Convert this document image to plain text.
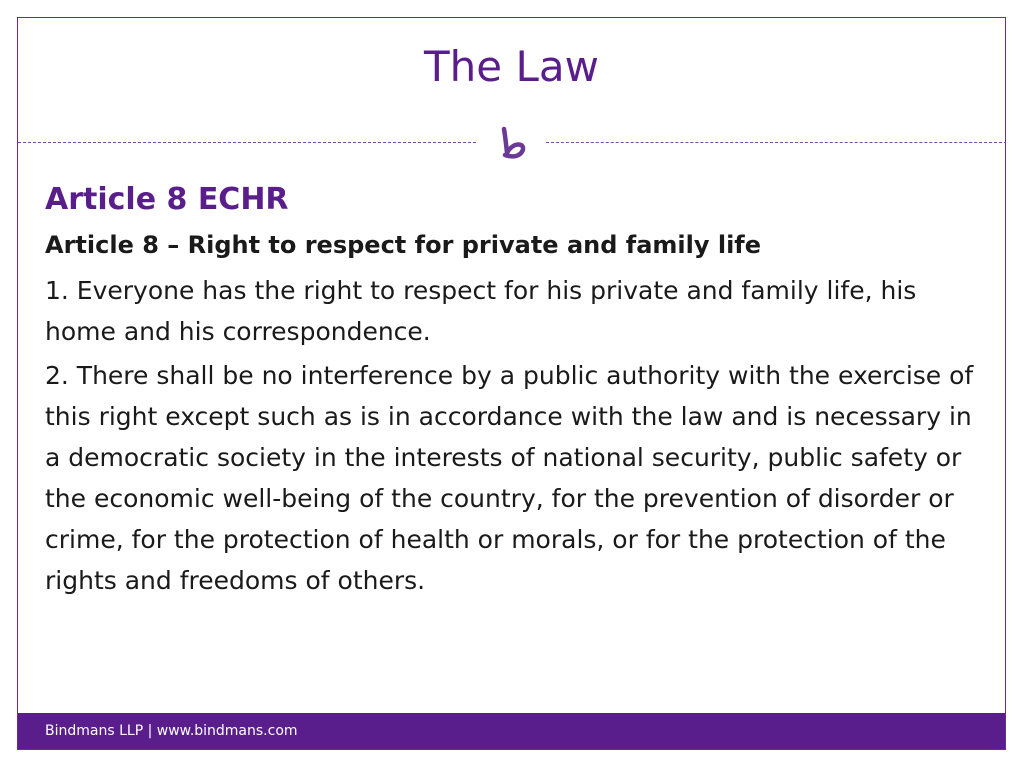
The Law
Article 8 ECHR
Article 8 – Right to respect for private and family life

1. Everyone has the right to respect for his private and family life, his home and his correspondence.

2. There shall be no interference by a public authority with the exercise of this right except such as is in accordance with the law and is necessary in a democratic society in the interests of national security, public safety or the economic well-being of the country, for the prevention of disorder or crime, for the protection of health or morals, or for the protection of the rights and freedoms of others.

Bindmans LLP | www.bindmans.com
